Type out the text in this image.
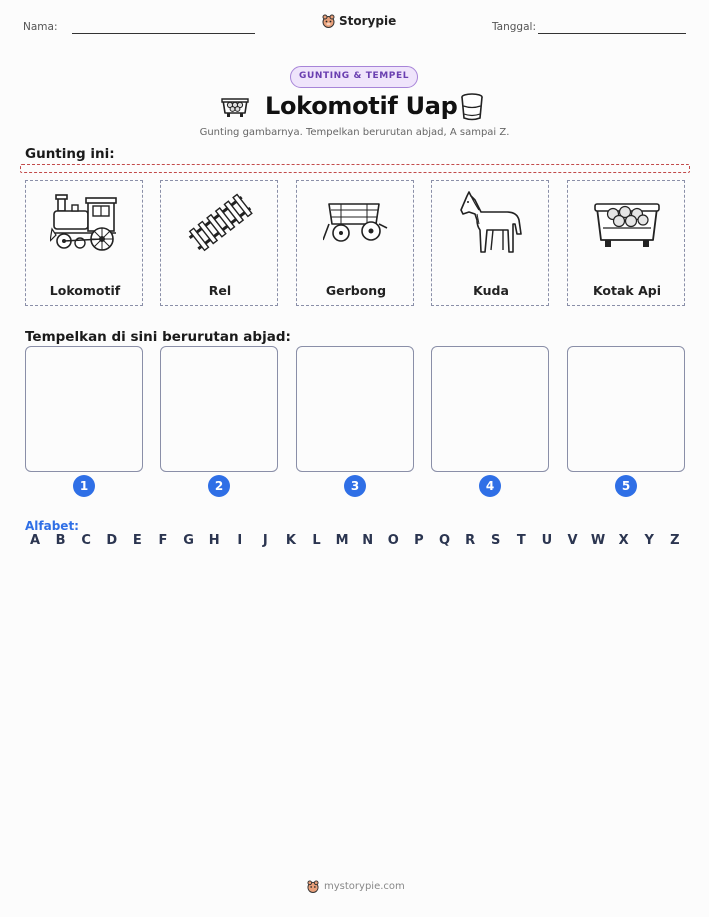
Nama:	Storypie	Tanggal:
GUNTING & TEMPEL
Lokomotif Uap
Gunting gambarnya. Tempelkan berurutan abjad, A sampai Z.
Gunting ini:
Lokomotif	Rel	Gerbong	Kuda	Kotak Api
Tempelkan di sini berurutan abjad:
1	2	3	4	5
Alfabet:
A	B	C	D	E	F	G	H	I	J	K	L	M	N	O	P	Q	R	S	T	U	V	W	X	Y	Z
mystorypie.com
